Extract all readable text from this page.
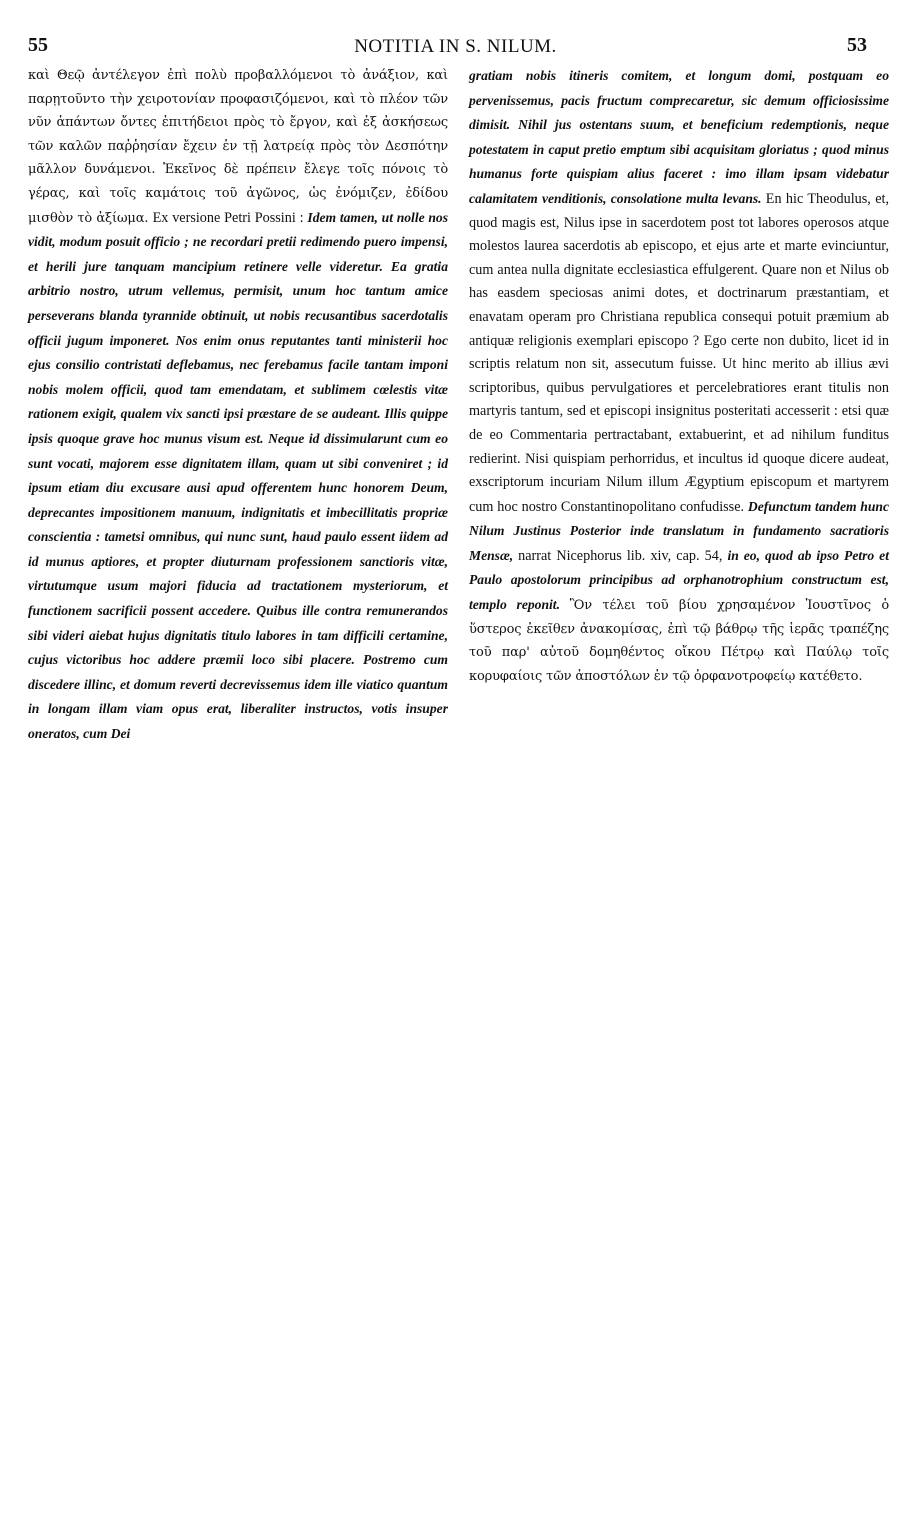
55	NOTITIA IN S. NILUM.	53

καὶ Θεῷ ἀντέλεγον ἐπὶ πολὺ προβαλλόμενοι τὸ ἀνάξιον, καὶ παρῃτοῦντο τὴν χειροτονίαν προφασιζόμενοι, καὶ τὸ πλέον τῶν νῦν ἁπάντων ὄντες ἐπιτήδειοι πρὸς τὸ ἔργον, καὶ ἐξ ἀσκήσεως τῶν καλῶν παῤῥησίαν ἔχειν ἐν τῇ λατρείᾳ πρὸς τὸν Δεσπότην μᾶλλον δυνάμενοι. Ἐκεῖνος δὲ πρέπειν ἔλεγε τοῖς πόνοις τὸ γέρας, καὶ τοῖς καμάτοις τοῦ ἀγῶνος, ὡς ἐνόμιζεν, ἐδίδου μισθὸν τὸ ἀξίωμα. Ex versione Petri Possini : Idem tamen, ut nolle nos vidit, modum posuit officio ; ne recordari pretii redimendo puero impensi, et herili jure tanquam mancipium retinere velle videretur. Ea gratia arbitrio nostro, utrum vellemus, permisit, unum hoc tantum amice perseverans blanda tyrannide obtinuit, ut nobis recusantibus sacerdotalis officii jugum imponeret. Nos enim onus reputantes tanti ministerii hoc ejus consilio contristati deflebamus, nec ferebamus facile tantam imponi nobis molem officii, quod tam emendatam, et sublimem cœlestis vitæ rationem exigit, qualem vix sancti ipsi præstare de se audeant. Illis quippe ipsis quoque grave hoc munus visum est. Neque id dissimularunt cum eo sunt vocati, majorem esse dignitatem illam, quam ut sibi conveniret ; id ipsum etiam diu excusare ausi apud offerentem hunc honorem Deum, deprecantes impositionem manuum, indignitatis et imbecillitatis propriæ conscientia : tametsi omnibus, qui nunc sunt, haud paulo essent iidem ad id munus aptiores, et propter diuturnam professionem sanctioris vitæ, virtutumque usum majori fiducia ad tractationem mysteriorum, et functionem sacrificii possent accedere. Quibus ille contra remunerandos sibi videri aiebat hujus dignitatis titulo labores in tam difficili certamine, cujus victoribus hoc addere præmii loco sibi placere. Postremo cum discedere illinc, et domum reverti decrevissemus idem ille viatico quantum in longam illam viam opus erat, liberaliter instructos, votis insuper oneratos, cum Dei

gratiam nobis itineris comitem, et longum domi, postquam eo pervenissemus, pacis fructum comprecaretur, sic demum officiosissime dimisit. Nihil jus ostentans suum, et beneficium redemptionis, neque potestatem in caput pretio emptum sibi acquisitam gloriatus ; quod minus humanus forte quispiam alius faceret : imo illam ipsam videbatur calamitatem venditionis, consolatione multa levans. En hic Theodulus, et, quod magis est, Nilus ipse in sacerdotem post tot labores operosos atque molestos laurea sacerdotis ab episcopo, et ejus arte et marte evinciuntur, cum antea nulla dignitate ecclesiastica effulgerent. Quare non et Nilus ob has easdem speciosas animi dotes, et doctrinarum præstantiam, et enavatam operam pro Christiana republica consequi potuit præmium ab antiquæ religionis exemplari episcopo ? Ego certe non dubito, licet id in scriptis relatum non sit, assecutum fuisse. Ut hinc merito ab illius ævi scriptoribus, quibus pervulgatiores et percelebratiores erant titulis non martyris tantum, sed et episcopi insignitus posteritati accesserit : etsi quæ de eo Commentaria pertractabant, extabuerint, et ad nihilum funditus redierint. Nisi quispiam perhorridus, et incultus id quoque dicere audeat, exscriptorum incuriam Nilum illum Ægyptium episcopum et martyrem cum hoc nostro Constantinopolitano confudisse. Defunctum tandem hunc Nilum Justinus Posterior inde translatum in fundamento sacratioris Mensæ, narrat Nicephorus lib. xiv, cap. 54, in eo, quod ab ipso Petro et Paulo apostolorum principibus ad orphanotrophium constructum est, templo reponit. Ὃν τέλει τοῦ βίου χρησαμένον Ἰουστῖνος ὁ ὕστερος ἐκεῖθεν ἀνακομίσας, ἐπὶ τῷ βάθρῳ τῆς ἱερᾶς τραπέζης τοῦ παρ' αὐτοῦ δομηθέντος οἴκου Πέτρῳ καὶ Παύλῳ τοῖς κορυφαίοις τῶν ἀποστόλων ἐν τῷ ὀρφανοτροφείῳ κατέθετο.
